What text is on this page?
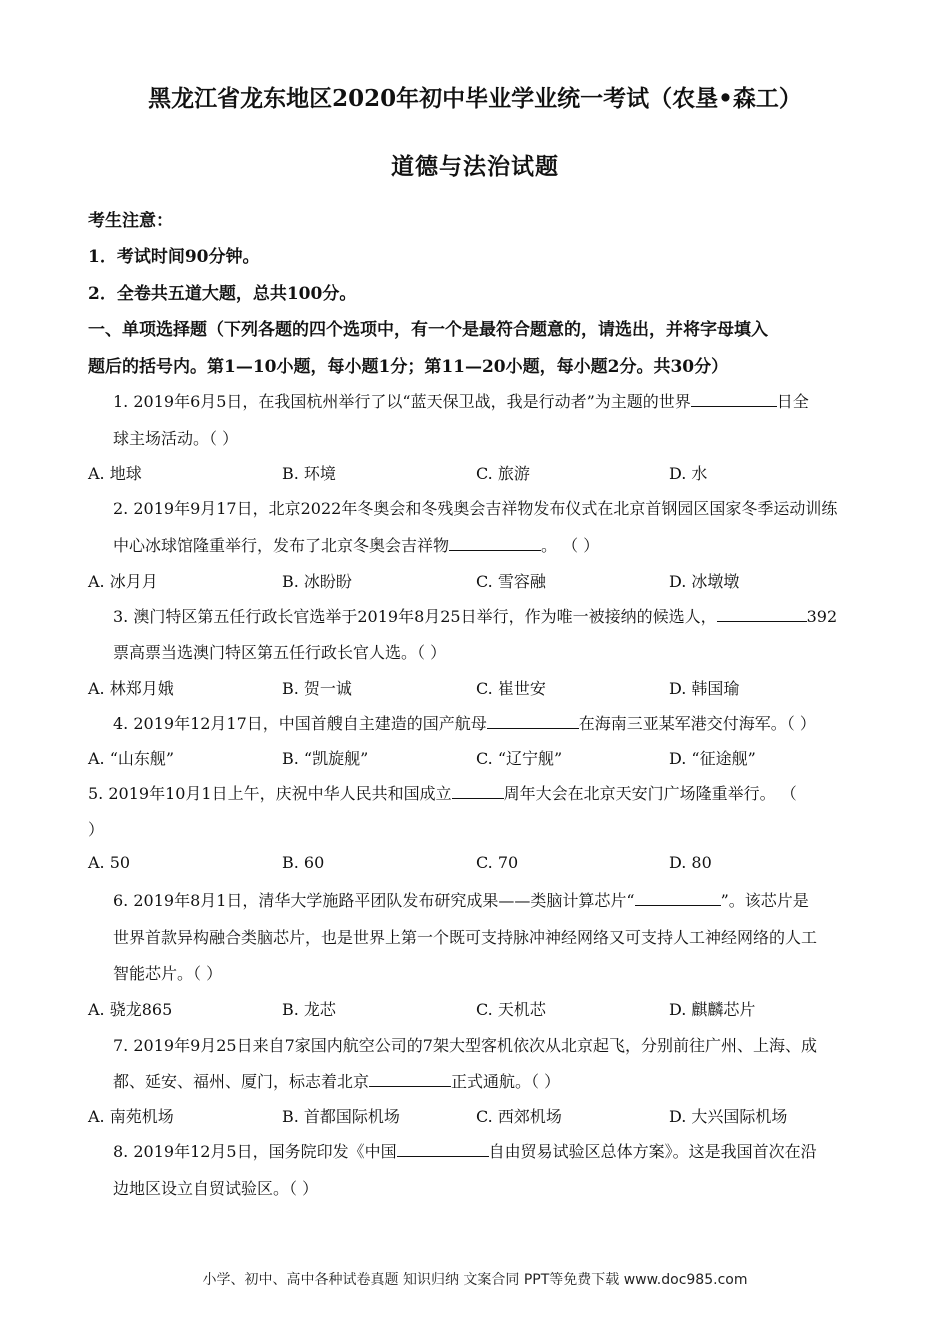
黑龙江省龙东地区2020年初中毕业学业统一考试（农垦•森工）
道德与法治试题
考生注意：
1．考试时间90分钟。
2．全卷共五道大题，总共100分。
一、单项选择题（下列各题的四个选项中，有一个是最符合题意的，请选出，并将字母填入
题后的括号内。第1—10小题，每小题1分；第11—20小题，每小题2分。共30分）
1. 2019年6月5日，在我国杭州举行了以“蓝天保卫战，我是行动者”为主题的世界	日全
球主场活动。（ ）
A. 地球	B. 环境	C. 旅游	D. 水
2. 2019年9月17日，北京2022年冬奥会和冬残奥会吉祥物发布仪式在北京首钢园区国家冬季运动训练
中心冰球馆隆重举行，发布了北京冬奥会吉祥物	。 （ ）
A. 冰月月	B. 冰盼盼	C. 雪容融	D. 冰墩墩
3. 澳门特区第五任行政长官选举于2019年8月25日举行，作为唯一被接纳的候选人，	392
票高票当选澳门特区第五任行政长官人选。（ ）
A. 林郑月娥	B. 贺一诚	C. 崔世安	D. 韩国瑜
4. 2019年12月17日，中国首艘自主建造的国产航母	在海南三亚某军港交付海军。（ ）
A. “山东舰”	B. “凯旋舰”	C. “辽宁舰”	D. “征途舰”
5. 2019年10月1日上午，庆祝中华人民共和国成立	周年大会在北京天安门广场隆重举行。 （
）
A. 50	B. 60	C. 70	D. 80
6. 2019年8月1日，清华大学施路平团队发布研究成果——类脑计算芯片“	”。该芯片是
世界首款异构融合类脑芯片，也是世界上第一个既可支持脉冲神经网络又可支持人工神经网络的人工
智能芯片。（ ）
A. 骁龙865	B. 龙芯	C. 天机芯	D. 麒麟芯片
7. 2019年9月25日来自7家国内航空公司的7架大型客机依次从北京起飞，分别前往广州、上海、成
都、延安、福州、厦门，标志着北京	正式通航。（ ）
A. 南苑机场	B. 首都国际机场	C. 西郊机场	D. 大兴国际机场
8. 2019年12月5日，国务院印发《中国	自由贸易试验区总体方案》。这是我国首次在沿
边地区设立自贸试验区。（ ）
小学、初中、高中各种试卷真题 知识归纳 文案合同 PPT等免费下载 www.doc985.com
